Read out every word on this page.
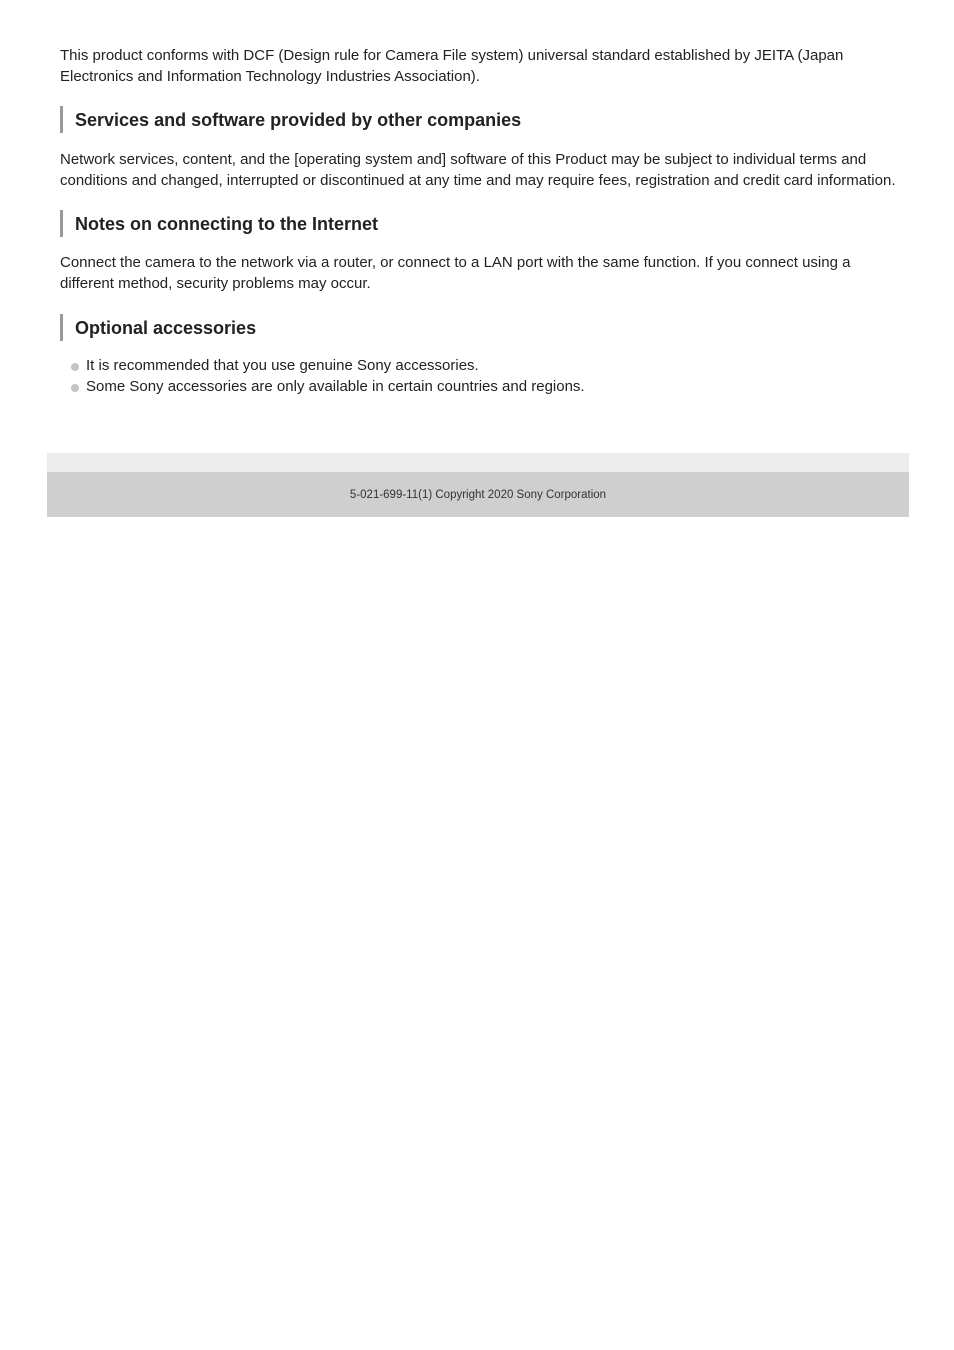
This product conforms with DCF (Design rule for Camera File system) universal standard established by JEITA (Japan Electronics and Information Technology Industries Association).

Services and software provided by other companies

Network services, content, and the [operating system and] software of this Product may be subject to individual terms and conditions and changed, interrupted or discontinued at any time and may require fees, registration and credit card information.

Notes on connecting to the Internet

Connect the camera to the network via a router, or connect to a LAN port with the same function. If you connect using a different method, security problems may occur.

Optional accessories
It is recommended that you use genuine Sony accessories.
Some Sony accessories are only available in certain countries and regions.
5-021-699-11(1) Copyright 2020 Sony Corporation
